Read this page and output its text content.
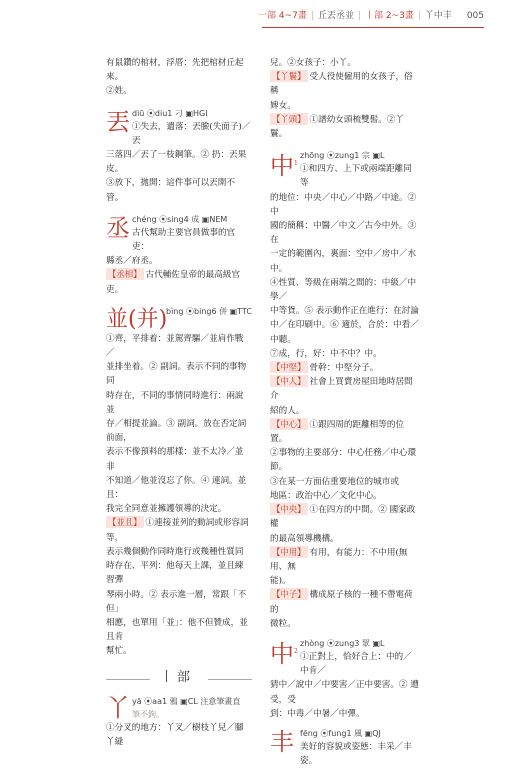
一部 4~7畫 | 丘丟丞並 | 丨部 2~3畫 | 丫中丰 005

有鼠鑽的棺材，浮厝：先把棺材丘起來。

②姓。

丟 diū ⦿diu1 刁 ▣HGI

①失去，遺落：丟臉(失面子)／丟

三落四／丟了一枝鋼筆。② 扔：丟果皮。

③放下，拋開：這件事可以丟開不管。

丞 chéng ⦿sing4 成 ▣NEM

古代幫助主要官員做事的官吏：

縣丞／府丞。

【丞相】 古代輔佐皇帝的最高級官吏。

並(并)
bìng ⦿bing6 併 ▣TTC

①齊，平排着：並駕齊驅／並肩作戰／

並排坐着。② 副詞。表示不同的事物同

時存在，不同的事情同時進行：兩說並

存／相提並論。③ 副詞。放在否定詞前面，

表示不像預料的那樣：並不太冷／並非

不知道／他並沒忘了你。④ 連詞。並且：

我完全同意並擁護領導的決定。

【並且】 ①連接並列的動詞或形容詞等，

表示幾個動作同時進行或幾種性質同

時存在、平列：他每天上課，並且練習彈

琴兩小時。② 表示進一層，常跟「不但」

相應，也單用「並」：他不但贊成，並且肯

幫忙。

丨部
丫 yā ⦿aa1 鴉 ▣CL 注意筆畫直
筆不鉤。

①分叉的地方：丫叉／樹枝丫兒／腳丫縫

兒。②女孩子：小丫。

【丫鬟】 受人役使僱用的女孩子，俗稱

婢女。

【丫頭】 ①譜幼女頭梳雙髻。②丫鬟。

中$^1$
zhōng ⦿zung1 宗 ▣L

①和四方、上下或兩端距離同等

的地位：中央／中心／中路／中途。② 中

國的簡稱：中醫／中文／古今中外。③ 在

一定的範圍內，裏面：空中／房中／水中。

④性質、等級在兩端之間的：中級／中學／

中等貨。⑤ 表示動作正在進行：在討論

中／在印刷中。⑥ 適於，合於：中看／中聽。

⑦成，行，好：中不中？中。

【中堅】 骨幹：中堅分子。

【中人】 社會上買賣房屋田地時居間介

紹的人。

【中心】 ①跟四周的距離相等的位置。

②事物的主要部分：中心任務／中心環節。

③在某一方面佔重要地位的城市或

地區：政治中心／文化中心。

【中央】 ①在四方的中間。② 國家政權

的最高領導機構。

【中用】 有用，有能力：不中用(無用、無

能)。

【中子】 構成原子核的一種不帶電荷的

微粒。

中$^2$
zhòng ⦿zung3 眾 ▣L

①正對上，恰好合上：中的／中肯／

猜中／說中／中要害／正中要害。② 遭受，受

到：中毒／中暑／中彈。

丰 fēng ⦿fung1 風 ▣QJ

美好的容貌或姿態：丰采／丰姿。
